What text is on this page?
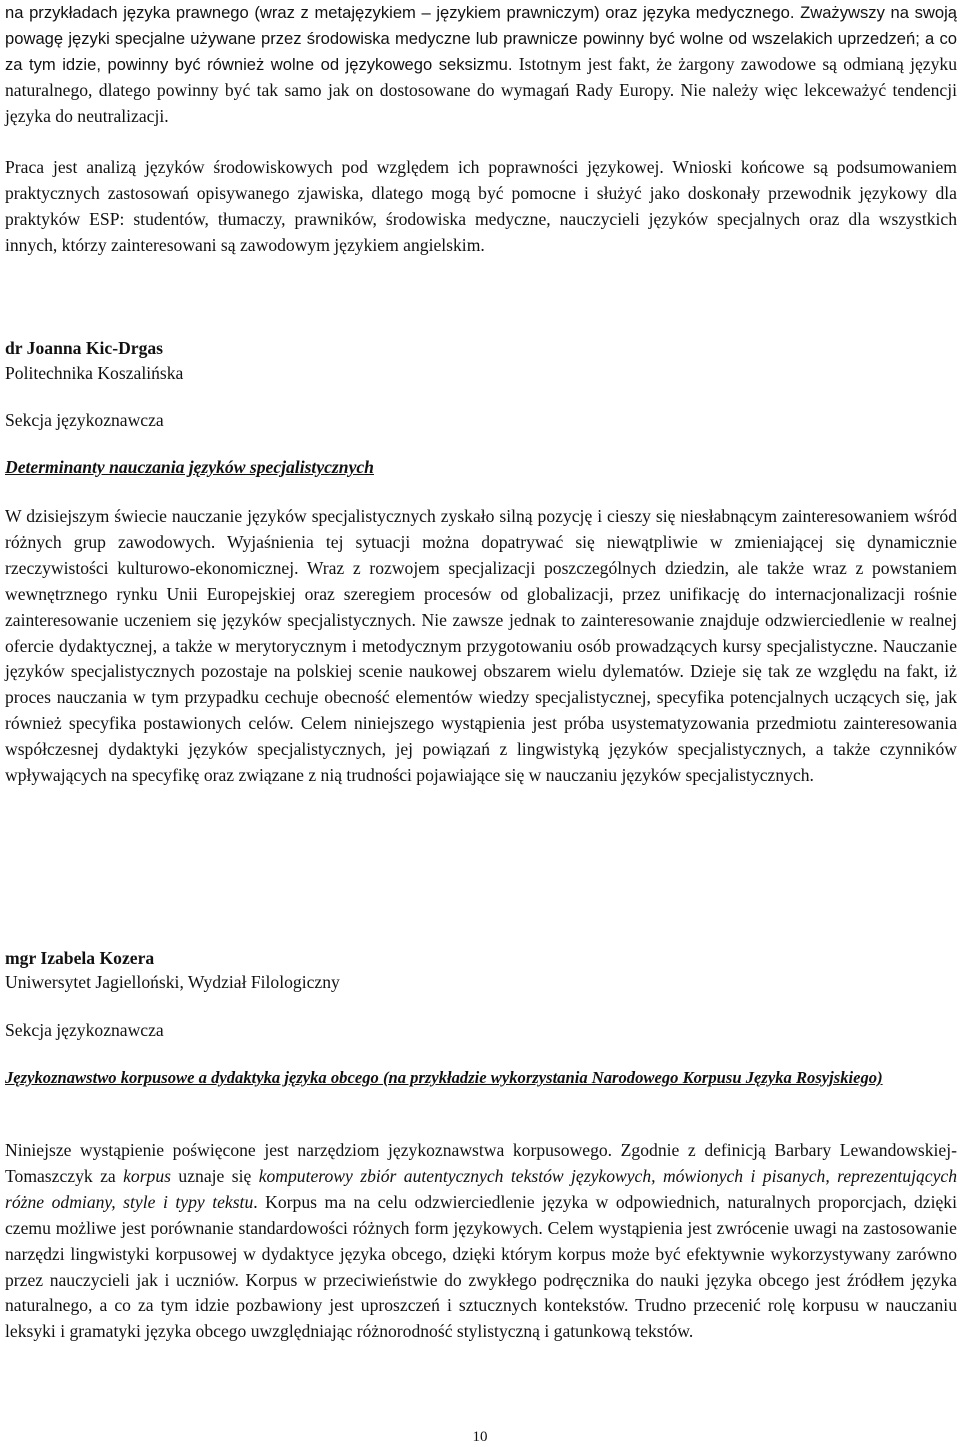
na przykładach języka prawnego (wraz z metajęzykiem – językiem prawniczym) oraz języka medycznego. Zważywszy na swoją powagę języki specjalne używane przez środowiska medyczne lub prawnicze powinny być wolne od wszelakich uprzedzeń; a co za tym idzie, powinny być również wolne od językowego seksizmu. Istotnym jest fakt, że żargony zawodowe są odmianą języku naturalnego, dlatego powinny być tak samo jak on dostosowane do wymagań Rady Europy. Nie należy więc lekceważyć tendencji języka do neutralizacji.

Praca jest analizą języków środowiskowych pod względem ich poprawności językowej. Wnioski końcowe są podsumowaniem praktycznych zastosowań opisywanego zjawiska, dlatego mogą być pomocne i służyć jako doskonały przewodnik językowy dla praktyków ESP: studentów, tłumaczy, prawników, środowiska medyczne, nauczycieli języków specjalnych oraz dla wszystkich innych, którzy zainteresowani są zawodowym językiem angielskim.

dr Joanna Kic-Drgas

Politechnika Koszalińska

Sekcja językoznawcza

Determinanty nauczania języków specjalistycznych

W dzisiejszym świecie nauczanie języków specjalistycznych zyskało silną pozycję i cieszy się niesłabnącym zainteresowaniem wśród różnych grup zawodowych. Wyjaśnienia tej sytuacji można dopatrywać się niewątpliwie w zmieniającej się dynamicznie rzeczywistości kulturowo-ekonomicznej. Wraz z rozwojem specjalizacji poszczególnych dziedzin, ale także wraz z powstaniem wewnętrznego rynku Unii Europejskiej oraz szeregiem procesów od globalizacji, przez unifikację do internacjonalizacji rośnie zainteresowanie uczeniem się języków specjalistycznych. Nie zawsze jednak to zainteresowanie znajduje odzwierciedlenie w realnej ofercie dydaktycznej, a także w merytorycznym i metodycznym przygotowaniu osób prowadzących kursy specjalistyczne. Nauczanie języków specjalistycznych pozostaje na polskiej scenie naukowej obszarem wielu dylematów. Dzieje się tak ze względu na fakt, iż proces nauczania w tym przypadku cechuje obecność elementów wiedzy specjalistycznej, specyfika potencjalnych uczących się, jak również specyfika postawionych celów. Celem niniejszego wystąpienia jest próba usystematyzowania przedmiotu zainteresowania współczesnej dydaktyki języków specjalistycznych, jej powiązań z lingwistyką języków specjalistycznych, a także czynników wpływających na specyfikę oraz związane z nią trudności pojawiające się w nauczaniu języków specjalistycznych.

mgr Izabela Kozera

Uniwersytet Jagielloński, Wydział Filologiczny

Sekcja językoznawcza

Językoznawstwo korpusowe a dydaktyka języka obcego (na przykładzie wykorzystania Narodowego Korpusu Języka Rosyjskiego)

Niniejsze wystąpienie poświęcone jest narzędziom językoznawstwa korpusowego. Zgodnie z definicją Barbary Lewandowskiej-Tomaszczyk za korpus uznaje się komputerowy zbiór autentycznych tekstów językowych, mówionych i pisanych, reprezentujących różne odmiany, style i typy tekstu. Korpus ma na celu odzwierciedlenie języka w odpowiednich, naturalnych proporcjach, dzięki czemu możliwe jest porównanie standardowości różnych form językowych. Celem wystąpienia jest zwrócenie uwagi na zastosowanie narzędzi lingwistyki korpusowej w dydaktyce języka obcego, dzięki którym korpus może być efektywnie wykorzystywany zarówno przez nauczycieli jak i uczniów. Korpus w przeciwieństwie do zwykłego podręcznika do nauki języka obcego jest źródłem języka naturalnego, a co za tym idzie pozbawiony jest uproszczeń i sztucznych kontekstów. Trudno przecenić rolę korpusu w nauczaniu leksyki i gramatyki języka obcego uwzględniając różnorodność stylistyczną i gatunkową tekstów.

10
